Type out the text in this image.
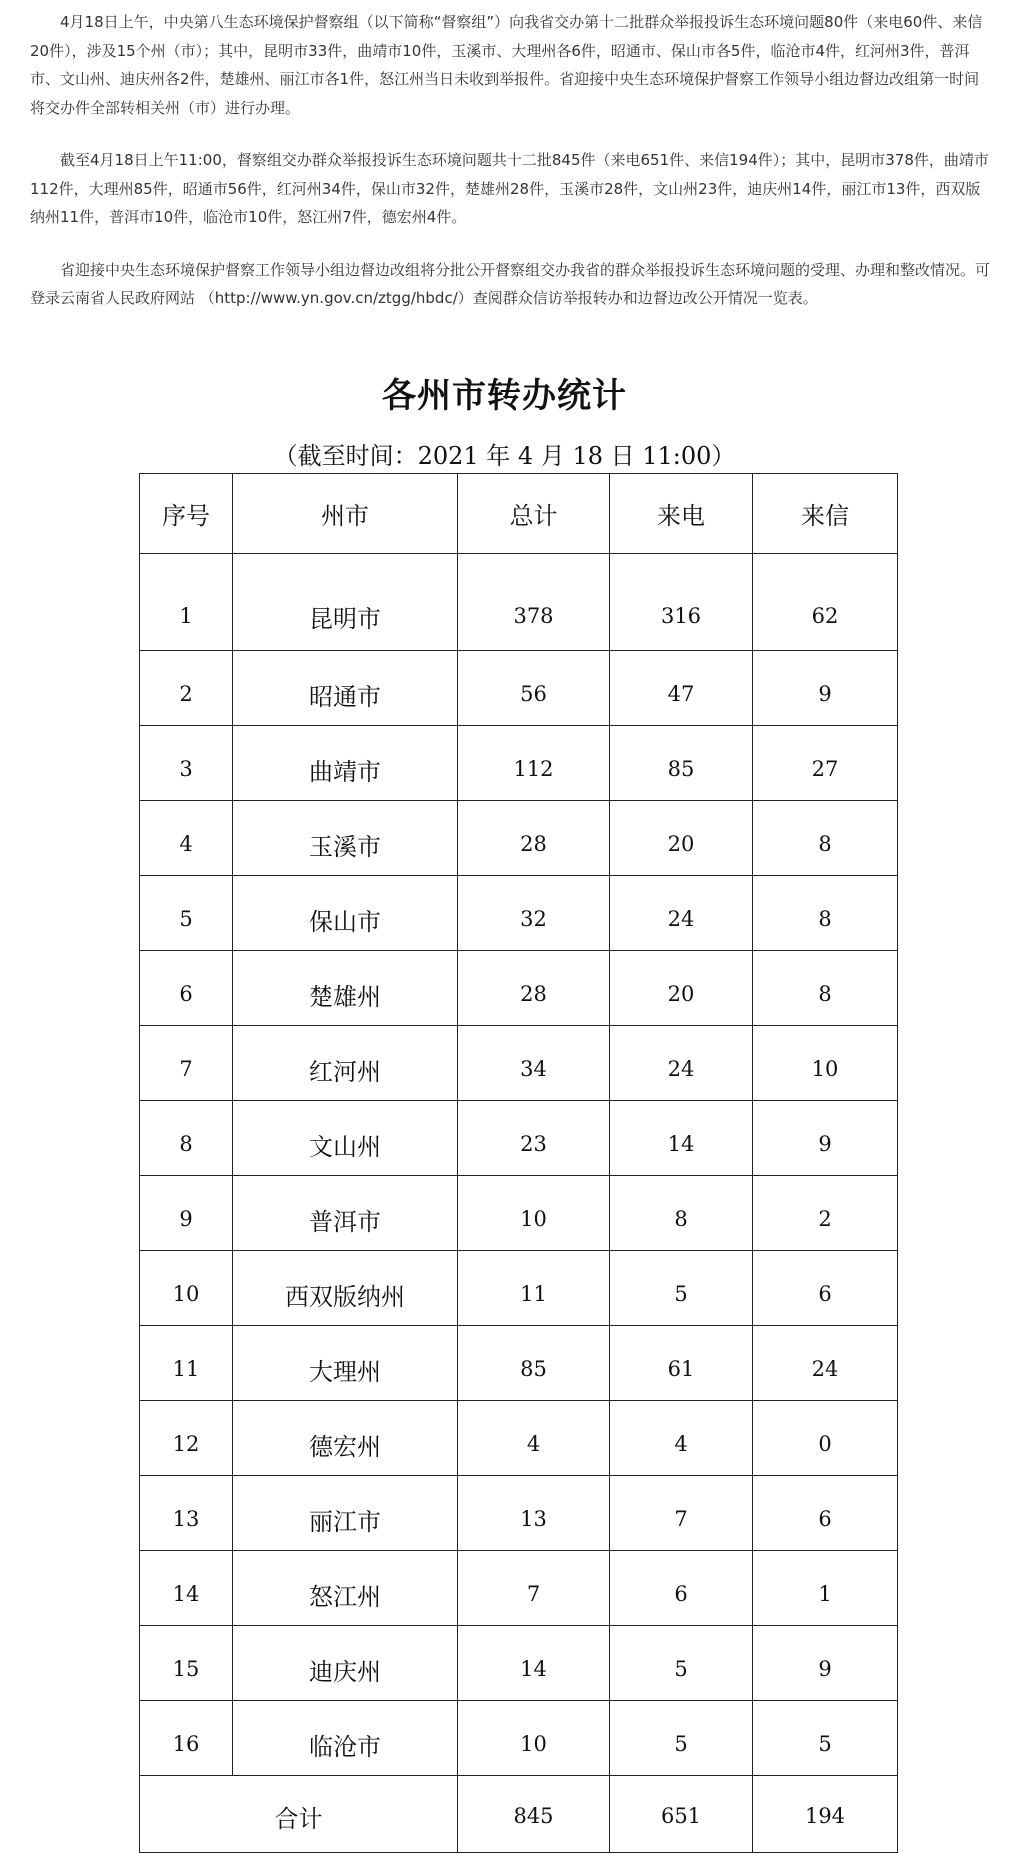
4月18日上午，中央第八生态环境保护督察组（以下简称“督察组”）向我省交办第十二批群众举报投诉生态环境问题80件（来电60件、来信20件），涉及15个州（市）；其中，昆明市33件，曲靖市10件，玉溪市、大理州各6件，昭通市、保山市各5件，临沧市4件，红河州3件，普洱市、文山州、迪庆州各2件，楚雄州、丽江市各1件，怒江州当日未收到举报件。省迎接中央生态环境保护督察工作领导小组边督边改组第一时间将交办件全部转相关州（市）进行办理。

截至4月18日上午11:00，督察组交办群众举报投诉生态环境问题共十二批845件（来电651件、来信194件）；其中，昆明市378件，曲靖市112件，大理州85件，昭通市56件，红河州34件，保山市32件，楚雄州28件，玉溪市28件，文山州23件，迪庆州14件，丽江市13件，西双版纳州11件，普洱市10件，临沧市10件，怒江州7件，德宏州4件。

省迎接中央生态环境保护督察工作领导小组边督边改组将分批公开督察组交办我省的群众举报投诉生态环境问题的受理、办理和整改情况。可登录云南省人民政府网站 （http://www.yn.gov.cn/ztgg/hbdc/）查阅群众信访举报转办和边督边改公开情况一览表。

各州市转办统计
（截至时间：2021 年 4 月 18 日 11:00）
序号	州市	总计	来电	来信
1	昆明市	378	316	62
2	昭通市	56	47	9
3	曲靖市	112	85	27
4	玉溪市	28	20	8
5	保山市	32	24	8
6	楚雄州	28	20	8
7	红河州	34	24	10
8	文山州	23	14	9
9	普洱市	10	8	2
10	西双版纳州	11	5	6
11	大理州	85	61	24
12	德宏州	4	4	0
13	丽江市	13	7	6
14	怒江州	7	6	1
15	迪庆州	14	5	9
16	临沧市	10	5	5
合计		845	651	194
